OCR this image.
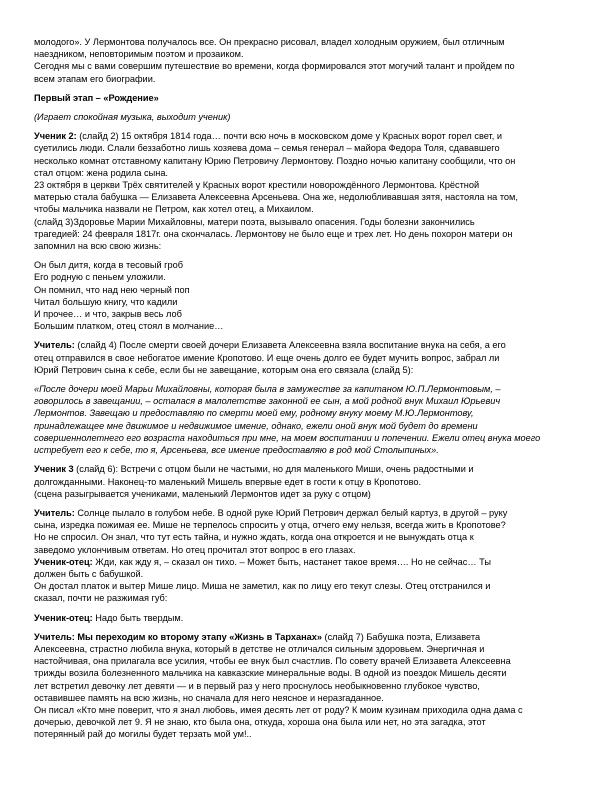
молодого». У Лермонтова получалось все. Он прекрасно рисовал, владел холодным оружием, был отличным
наездником, неповторимым поэтом и прозаиком.
Сегодня мы с вами совершим путешествие во времени, когда формировался этот могучий талант и пройдем по
всем этапам его биографии.

Первый этап – «Рождение»

(Играет спокойная музыка, выходит ученик)

Ученик 2: (слайд 2) 15 октября 1814 года… почти всю ночь в московском доме у Красных ворот горел свет, и
суетились люди. Слали беззаботно лишь хозяева дома – семья генерал – майора Федора Толя, сдававшего
несколько комнат отставному капитану Юрию Петровичу Лермонтову. Поздно ночью капитану сообщили, что он
стал отцом: жена родила сына.

23 октября в церкви Трёх святителей у Красных ворот крестили новорождённого Лермонтова. Крёстной
матерью стала бабушка — Елизавета Алексеевна Арсеньева. Она же, недолюбливавшая зятя, настояла на том,
чтобы мальчика назвали не Петром, как хотел отец, а Михаилом.

(слайд 3)Здоровье Марии Михайловны, матери поэта, вызывало опасения. Годы болезни закончились
трагедией: 24 февраля 1817г. она скончалась. Лермонтову не было еще и трех лет. Но день похорон матери он
запомнил на всю свою жизнь:

Он был дитя, когда в тесовый гроб
Его родную с пеньем уложили.
Он помнил, что над нею черный поп
Читал большую книгу, что кадили
И прочее… и что, закрыв весь лоб
Большим платком, отец стоял в молчание…

Учитель: (слайд 4) После смерти своей дочери Елизавета Алексеевна взяла воспитание внука на себя, а его
отец отправился в свое небогатое имение Кропотово. И еще очень долго ее будет мучить вопрос, забрал ли
Юрий Петрович сына к себе, если бы не завещание, которым она его связала (слайд 5):

«После дочери моей Марьи Михайловны, которая была в замужестве за капитаном Ю.П.Лермонтовым, –
говорилось в завещании, – осталася в малолетстве законной ее сын, а мой родной внук Михаил Юрьевич
Лермонтов. Завещаю и предоставляю по смерти моей ему, родному внуку моему М.Ю.Лермонтову,
принадлежащее мне движимое и недвижимое имение, однако, ежели оной внук мой будет до времени
совершеннолетнего его возраста находиться при мне, на моем воспитании и попечении. Ежели отец внука моего
истребует его к себе, то я, Арсеньева, все имение предоставляю в род мой Столыпиных».

Ученик 3 (слайд 6): Встречи с отцом были не частыми, но для маленького Миши, очень радостными и
долгожданными. Наконец-то маленький Мишель впервые едет в гости к отцу в Кропотово.
(сцена разыгрывается учениками, маленький Лермонтов идет за руку с отцом)

Учитель: Солнце пылало в голубом небе. В одной руке Юрий Петрович держал белый картуз, в другой – руку
сына, изредка пожимая ее. Мише не терпелось спросить у отца, отчего ему нельзя, всегда жить в Кропотове?
Но не спросил. Он знал, что тут есть тайна, и нужно ждать, когда она откроется и не вынуждать отца к
заведомо уклончивым ответам. Но отец прочитал этот вопрос в его глазах.

Ученик-отец: Жди, как жду я, – сказал он тихо. – Может быть, настанет такое время…. Но не сейчас… Ты
должен быть с бабушкой.

Он достал платок и вытер Мише лицо. Миша не заметил, как по лицу его текут слезы. Отец отстранился и
сказал, почти не разжимая губ:

Ученик-отец: Надо быть твердым.

Учитель: Мы переходим ко второму этапу «Жизнь в Тарханах» (слайд 7) Бабушка поэта, Елизавета
Алексеевна, страстно любила внука, который в детстве не отличался сильным здоровьем. Энергичная и
настойчивая, она прилагала все усилия, чтобы ее внук был счастлив. По совету врачей Елизавета Алексеевна
трижды возила болезненного мальчика на кавказские минеральные воды. В одной из поездок Мишель десяти
лет встретил девочку лет девяти — и в первый раз у него проснулось необыкновенно глубокое чувство,
оставившее память на всю жизнь, но сначала для него неясное и неразгаданное.
Он писал «Кто мне поверит, что я знал любовь, имея десять лет от роду? К моим кузинам приходила одна дама с
дочерью, девочкой лет 9. Я не знаю, кто была она, откуда, хороша она была или нет, но эта загадка, этот
потерянный рай до могилы будет терзать мой ум!..
